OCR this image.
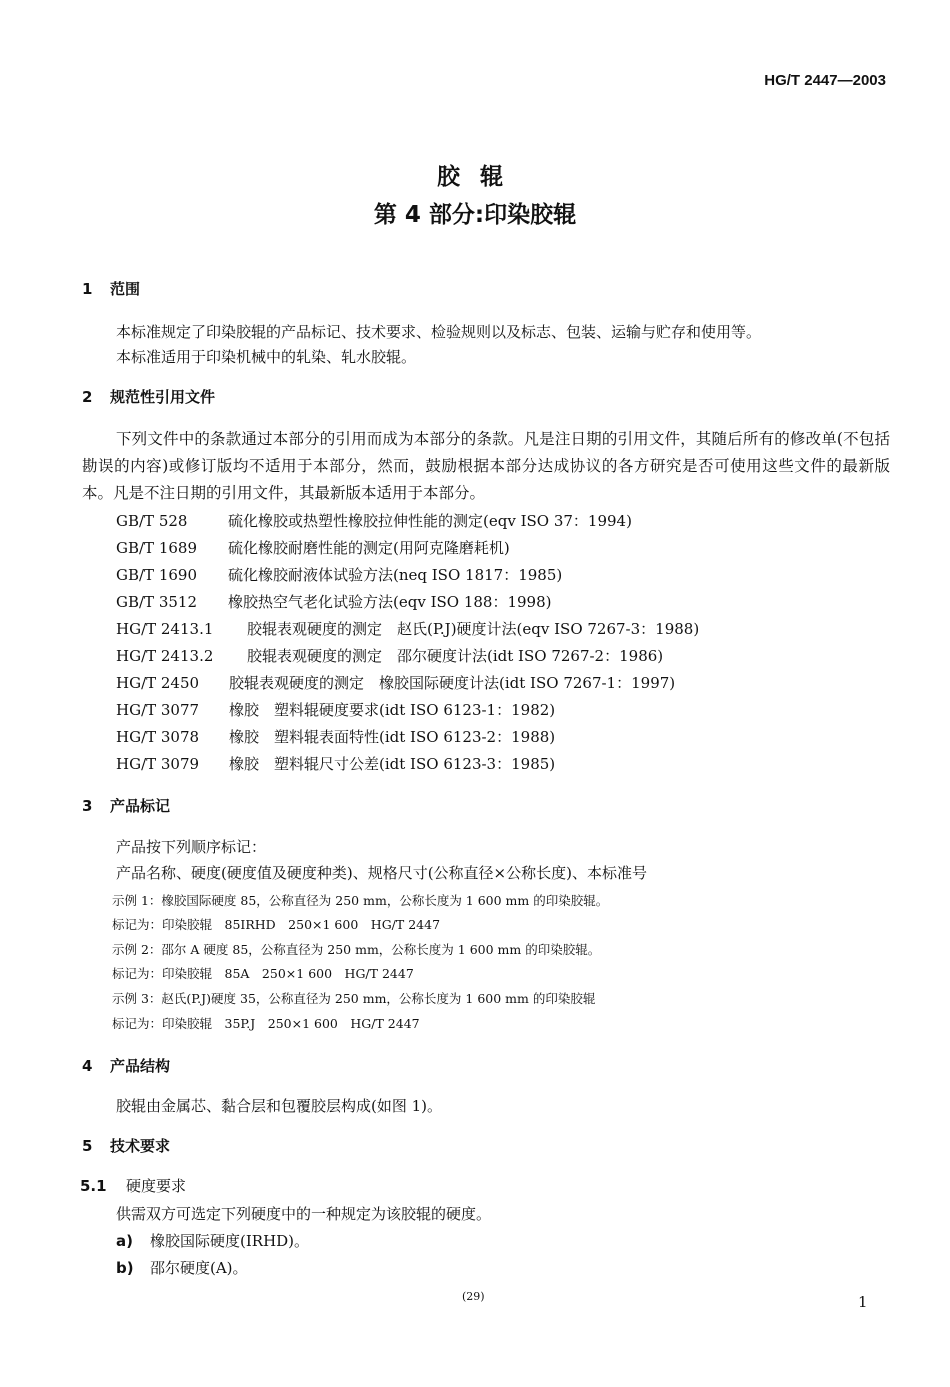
HG/T 2447—2003
胶辊
第 4 部分:印染胶辊
1 范围
本标准规定了印染胶辊的产品标记、技术要求、检验规则以及标志、包装、运输与贮存和使用等。
本标准适用于印染机械中的轧染、轧水胶辊。
2 规范性引用文件
下列文件中的条款通过本部分的引用而成为本部分的条款。凡是注日期的引用文件，其随后所有的修改单(不包括勘误的内容)或修订版均不适用于本部分，然而，鼓励根据本部分达成协议的各方研究是否可使用这些文件的最新版本。凡是不注日期的引用文件，其最新版本适用于本部分。
GB/T 528	硫化橡胶或热塑性橡胶拉伸性能的测定(eqv ISO 37：1994)
GB/T 1689 硫化橡胶耐磨性能的测定(用阿克隆磨耗机)
GB/T 1690 硫化橡胶耐液体试验方法(neq ISO 1817：1985)
GB/T 3512 橡胶热空气老化试验方法(eqv ISO 188：1998)
HG/T 2413.1 胶辊表观硬度的测定　赵氏(P.J)硬度计法(eqv ISO 7267-3：1988)
HG/T 2413.2 胶辊表观硬度的测定　邵尔硬度计法(idt ISO 7267-2：1986)
HG/T 2450 胶辊表观硬度的测定　橡胶国际硬度计法(idt ISO 7267-1：1997)
HG/T 3077 橡胶　塑料辊硬度要求(idt ISO 6123-1：1982)
HG/T 3078 橡胶　塑料辊表面特性(idt ISO 6123-2：1988)
HG/T 3079 橡胶　塑料辊尺寸公差(idt ISO 6123-3：1985)
3 产品标记
产品按下列顺序标记：
产品名称、硬度(硬度值及硬度种类)、规格尺寸(公称直径×公称长度)、本标准号
示例 1：橡胶国际硬度 85，公称直径为 250 mm，公称长度为 1 600 mm 的印染胶辊。
标记为：印染胶辊　85IRHD　250×1 600　HG/T 2447
示例 2：邵尔 A 硬度 85，公称直径为 250 mm，公称长度为 1 600 mm 的印染胶辊。
标记为：印染胶辊　85A　250×1 600　HG/T 2447
示例 3：赵氏(P.J)硬度 35，公称直径为 250 mm，公称长度为 1 600 mm 的印染胶辊
标记为：印染胶辊　35P.J　250×1 600　HG/T 2447
4 产品结构
胶辊由金属芯、黏合层和包覆胶层构成(如图 1)。
5 技术要求
5.1 硬度要求
供需双方可选定下列硬度中的一种规定为该胶辊的硬度。
a) 橡胶国际硬度(IRHD)。
b) 邵尔硬度(A)。
(29)	1
